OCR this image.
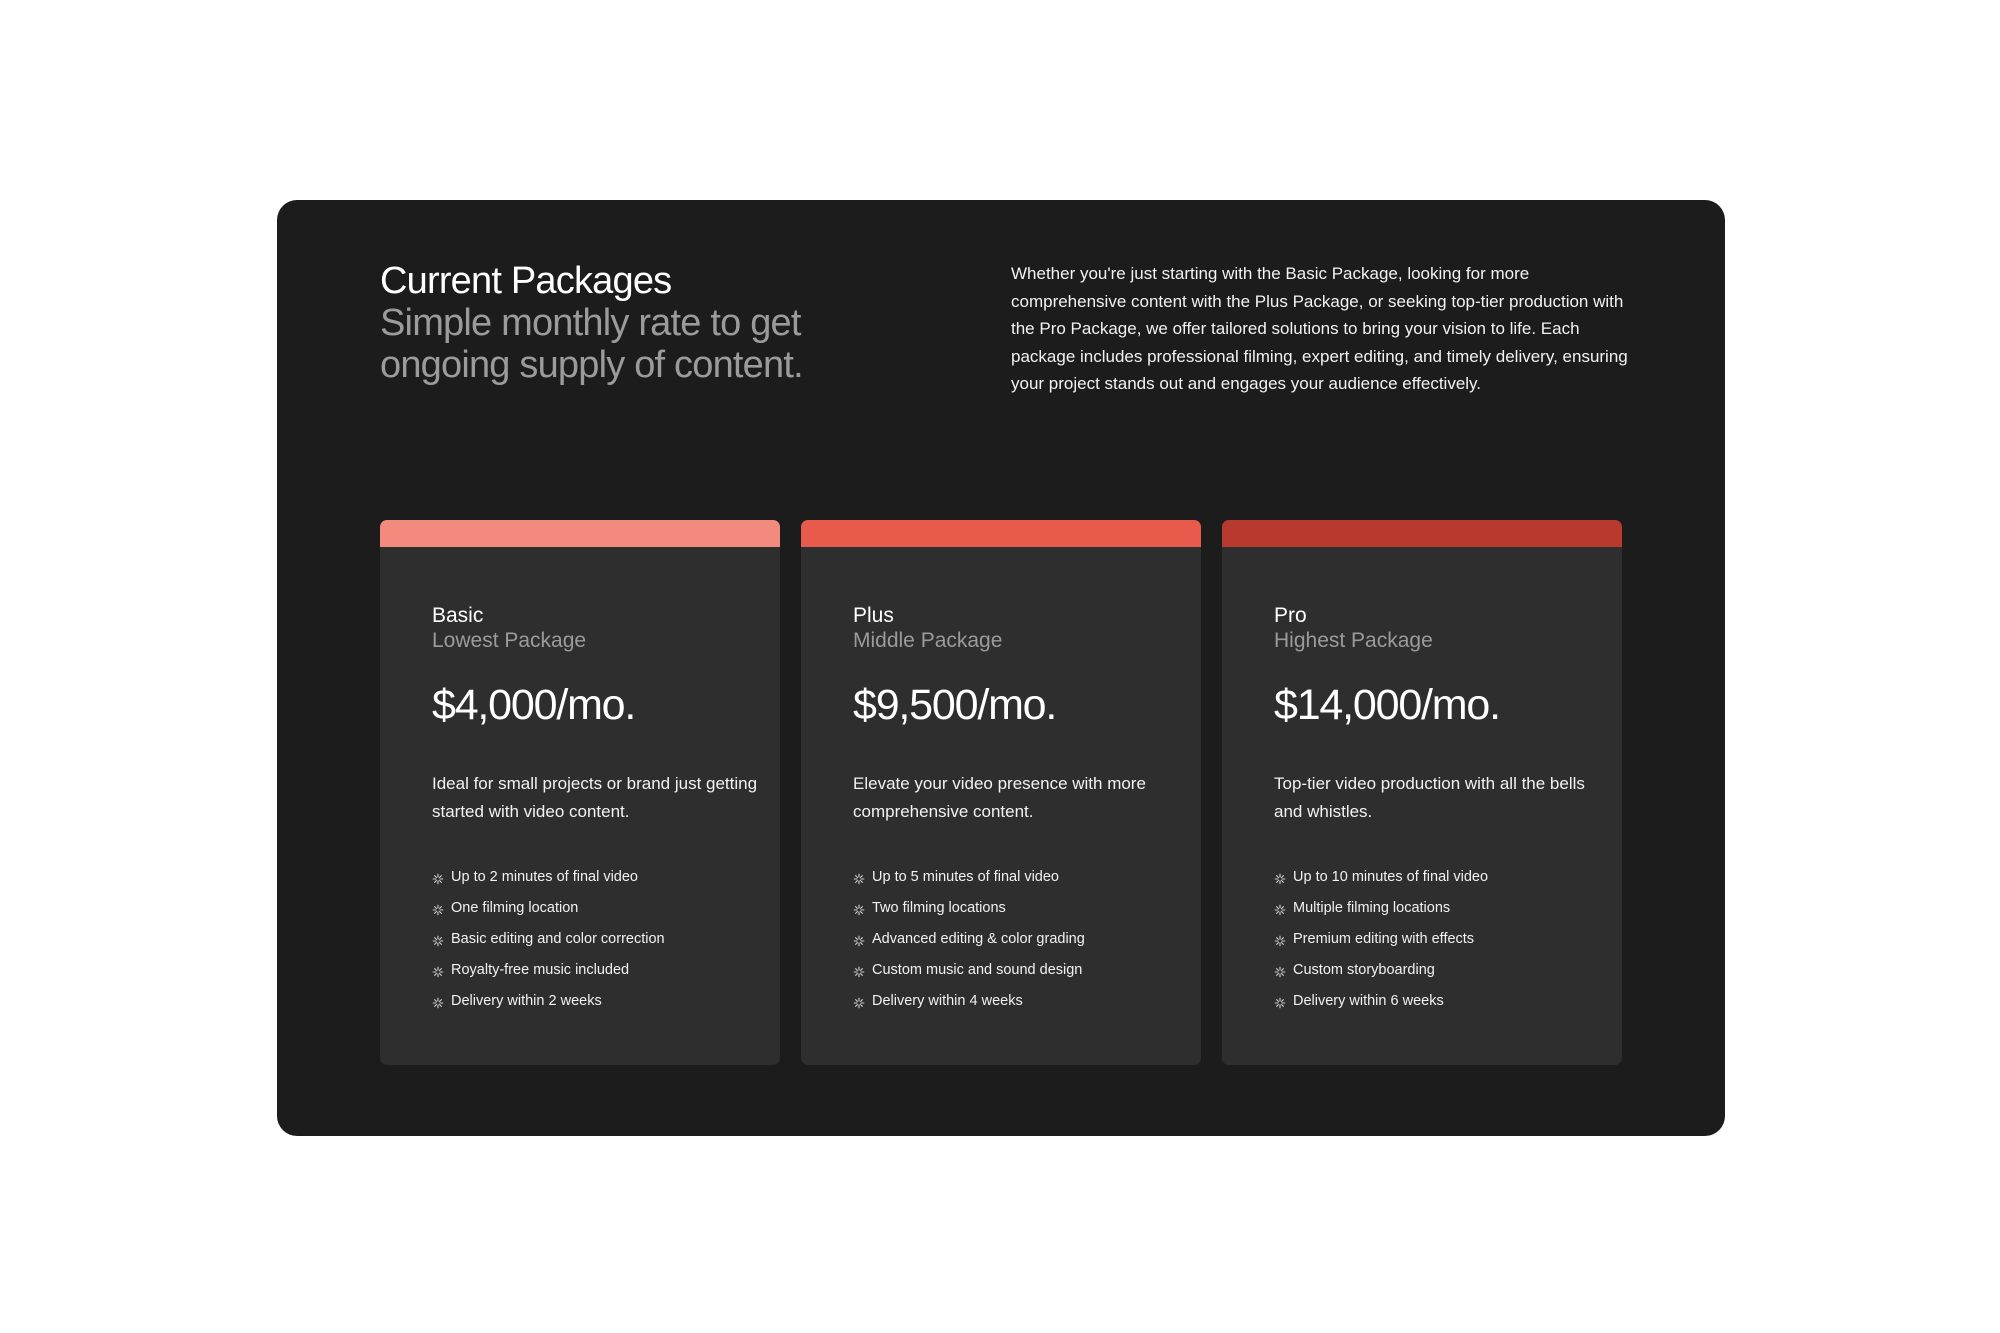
Current Packages
Simple monthly rate to get ongoing supply of content.
Whether you're just starting with the Basic Package, looking for more comprehensive content with the Plus Package, or seeking top-tier production with the Pro Package, we offer tailored solutions to bring your vision to life. Each package includes professional filming, expert editing, and timely delivery, ensuring your project stands out and engages your audience effectively.
Basic
Lowest Package
$4,000/mo.
Ideal for small projects or brand just getting started with video content.
Up to 2 minutes of final video
One filming location
Basic editing and color correction
Royalty-free music included
Delivery within 2 weeks
Plus
Middle Package
$9,500/mo.
Elevate your video presence with more comprehensive content.
Up to 5 minutes of final video
Two filming locations
Advanced editing & color grading
Custom music and sound design
Delivery within 4 weeks
Pro
Highest Package
$14,000/mo.
Top-tier video production with all the bells and whistles.
Up to 10 minutes of final video
Multiple filming locations
Premium editing with effects
Custom storyboarding
Delivery within 6 weeks
